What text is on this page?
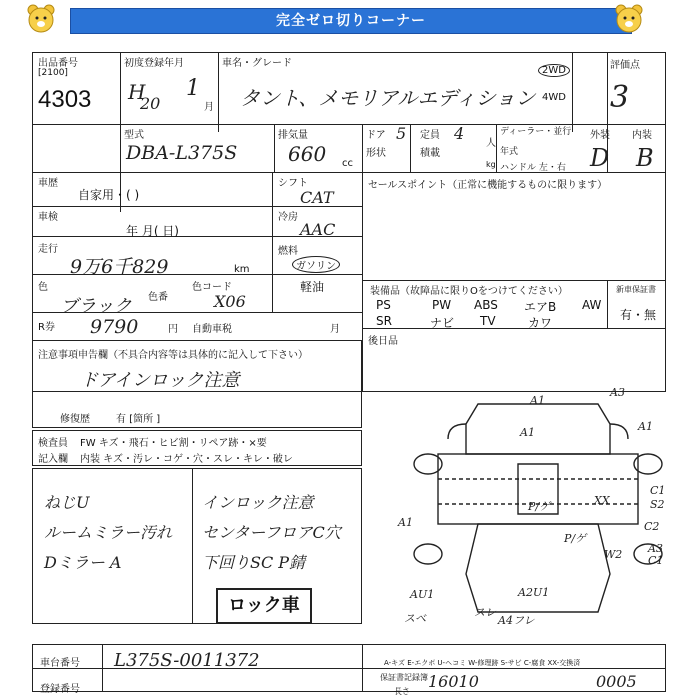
完全ゼロ切りコーナー
出品番号
[2100]
4303
初度登録年月
H
20
1
月
車名・グレード
タント、メモリアルエディション
2WD
4WD
評価点
3
型式
DBA-L375S
排気量
660 cc
ドア 5
形状
定員 4
人
積載
kg
ディーラー・並行
年式
ハンドル 左・右
外装 内装
D B
車歴
自家用・( )
車検
年 月( 日)
走行
9万6千829	km
色
ブラック 色番
色コード
X06
R券 9790	円 自動車税	月
シフト
CAT
冷房
AAC
燃料
ガソリン
軽油
セールスポイント（正常に機能するものに限ります）
装備品（故障品に限りOをつけてください）
PS	PW ABS エアB AW
SR	ナビ TV	カワ
新車保証書
有・無
後日品
注意事項申告欄（不具合内容等は具体的に記入して下さい）
ドアインロック注意
修復歴	有 [箇所 ]
検査員 FW キズ・飛石・ヒビ割・リペア跡・×要
記入欄 内装 キズ・汚レ・コゲ・穴・スレ・キレ・破レ
ねじU
ルームミラー汚れ
Dミラー A
インロック注意
センターフロアC穴
下回りSC P錆
ロック車
A1
A3
A1	A1
A1
C1
S2
C2
A3
C1
W2
XX
A2U1
AU1
スレ
A4フレ
スベ
P/ゲ
P/ゲ
車台番号 L375S-0011372
登録番号
A-キズ E-エクボ U-ヘコミ W-修理跡 S-サビ C-腐食 XX-交換済
保証書記録簿
長さ
16010	0005
